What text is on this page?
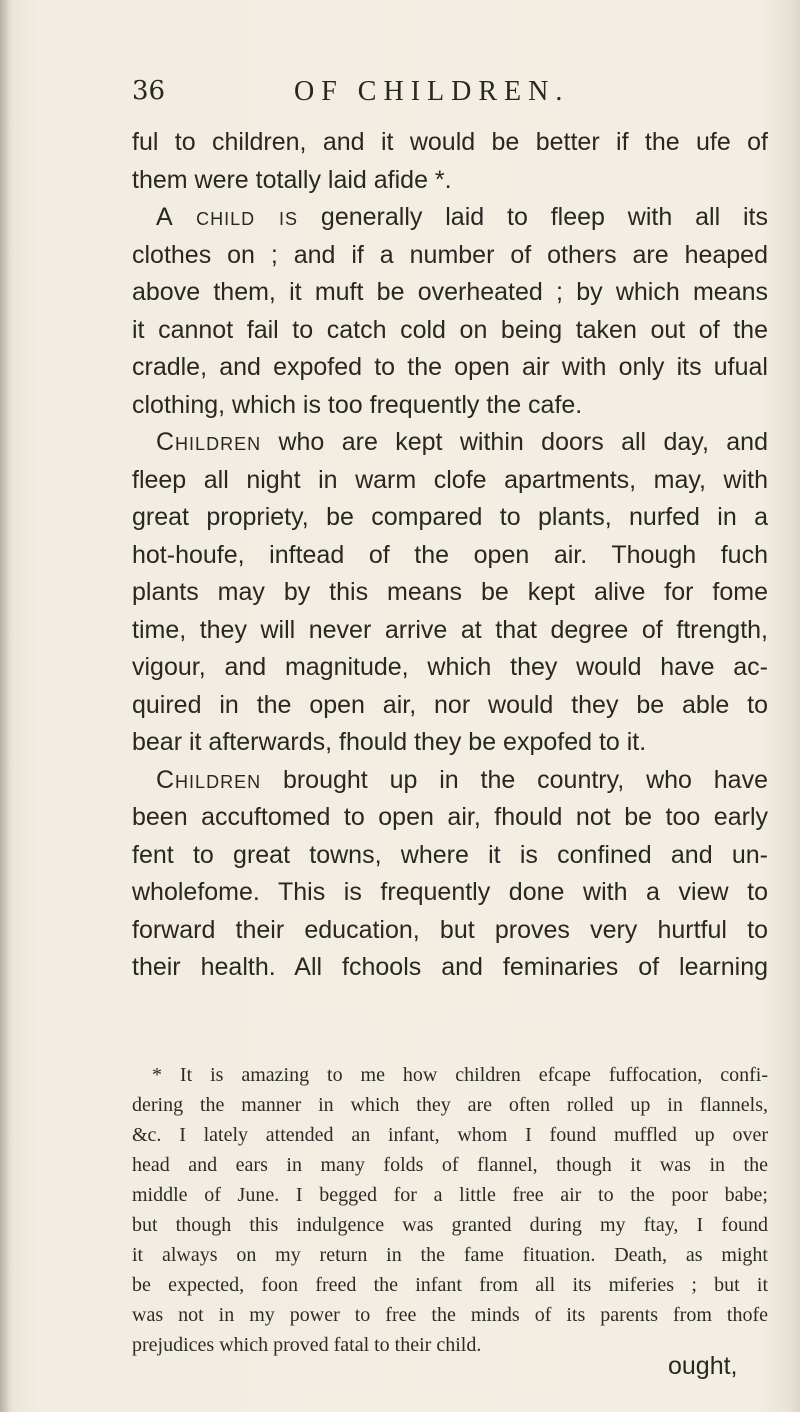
36	OF CHILDREN.
ful to children, and it would be better if the ufe of
them were totally laid afide *.
A child is generally laid to fleep with all its
clothes on ; and if a number of others are heaped
above them, it muft be overheated ; by which means
it cannot fail to catch cold on being taken out of the
cradle, and expofed to the open air with only its ufual
clothing, which is too frequently the cafe.
Children who are kept within doors all day, and
fleep all night in warm clofe apartments, may, with
great propriety, be compared to plants, nurfed in a
hot-houfe, inftead of the open air. Though fuch
plants may by this means be kept alive for fome
time, they will never arrive at that degree of ftrength,
vigour, and magnitude, which they would have ac-
quired in the open air, nor would they be able to
bear it afterwards, fhould they be expofed to it.
Children brought up in the country, who have
been accuftomed to open air, fhould not be too early
fent to great towns, where it is confined and un-
wholefome. This is frequently done with a view to
forward their education, but proves very hurtful to
their health. All fchools and feminaries of learning
* It is amazing to me how children efcape fuffocation, confi-
dering the manner in which they are often rolled up in flannels,
&c. I lately attended an infant, whom I found muffled up over
head and ears in many folds of flannel, though it was in the
middle of June. I begged for a little free air to the poor babe;
but though this indulgence was granted during my ftay, I found
it always on my return in the fame fituation. Death, as might
be expected, foon freed the infant from all its miferies ; but it
was not in my power to free the minds of its parents from thofe
prejudices which proved fatal to their child.
ought,
